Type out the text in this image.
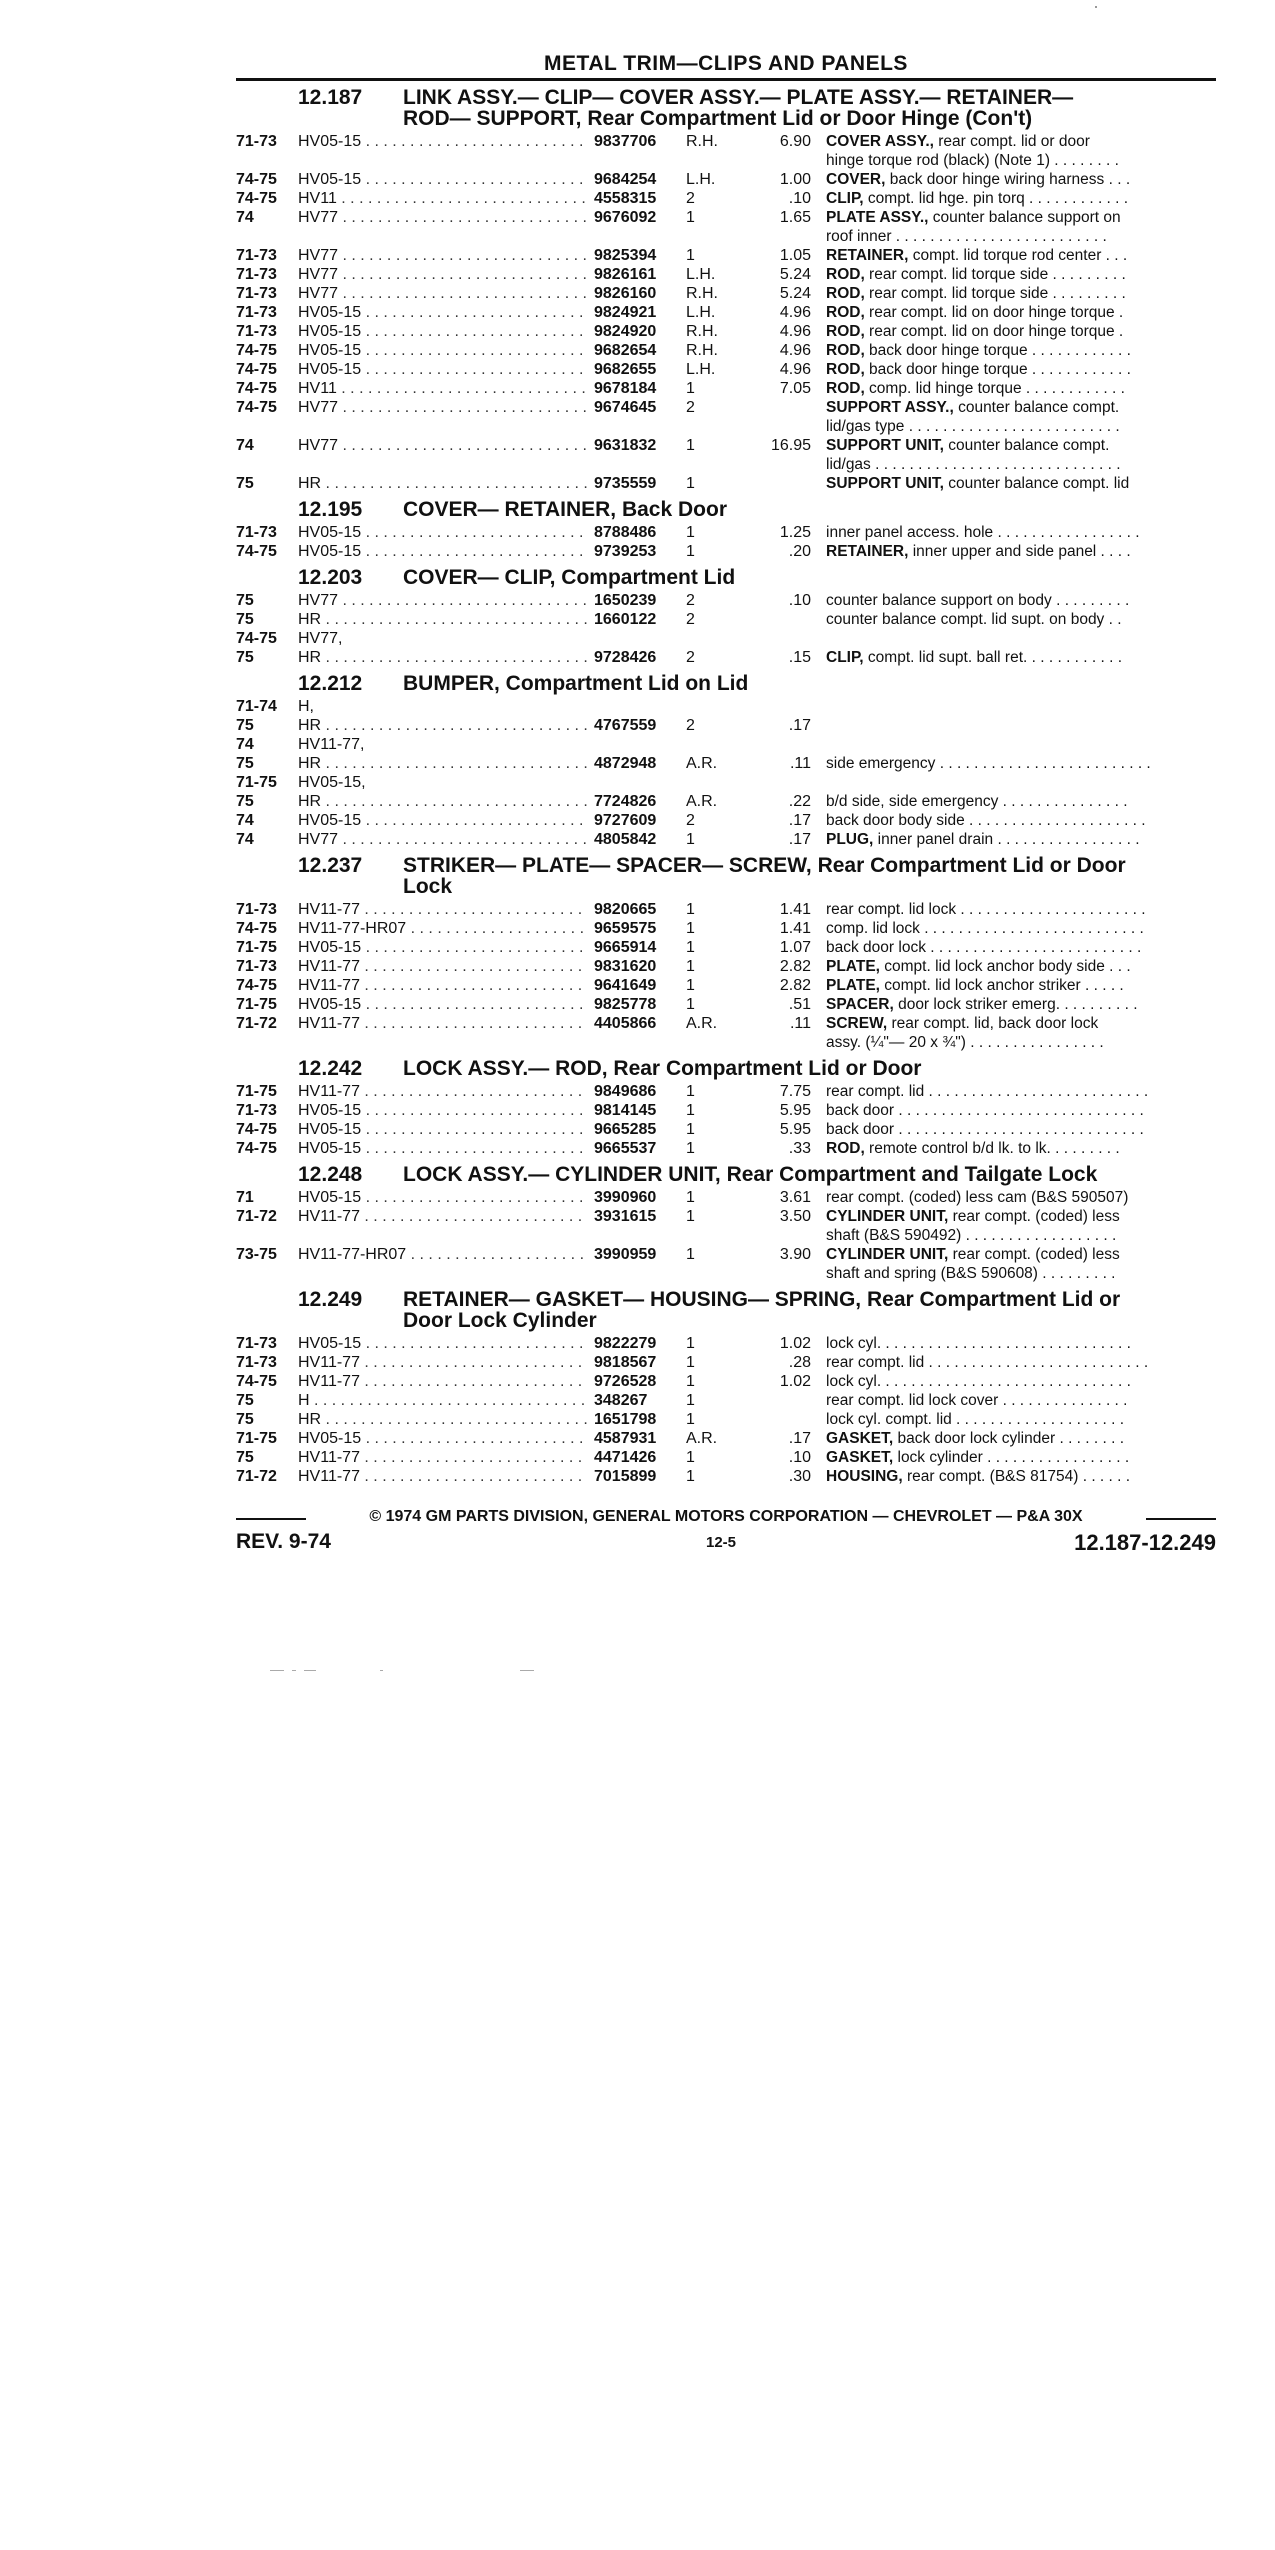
METAL TRIM—CLIPS AND PANELS
12.187 LINK ASSY.— CLIP— COVER ASSY.— PLATE ASSY.— RETAINER—
ROD— SUPPORT, Rear Compartment Lid or Door Hinge (Con't)
71-73	HV05-15 . . .	9837706	R.H.	6.90 COVER ASSY., rear compt. lid or door
hinge torque rod (black) (Note 1) . . . . . . . .
74-75	HV05-15 . . .	9684254	L.H.	1.00 COVER, back door hinge wiring harness . . .
74-75	HV11 . . .	4558315	2	.10 CLIP, compt. lid hge. pin torq . . . . . . . . . . . .
74	HV77 . . .	9676092	1	1.65 PLATE ASSY., counter balance support on
roof inner . . . . . . . . . . . . . . . . . . . . . . . . .
71-73	HV77 . . .	9825394	1	1.05 RETAINER, compt. lid torque rod center . . .
71-73	HV77 . . .	9826161	L.H.	5.24 ROD, rear compt. lid torque side . . . . . . . . .
71-73	HV77 . . .	9826160	R.H.	5.24 ROD, rear compt. lid torque side . . . . . . . . .
71-73	HV05-15 . . .	9824921	L.H.	4.96 ROD, rear compt. lid on door hinge torque .
71-73	HV05-15 . . .	9824920	R.H.	4.96 ROD, rear compt. lid on door hinge torque .
74-75	HV05-15 . . .	9682654	R.H.	4.96 ROD, back door hinge torque . . . . . . . . . . . .
74-75	HV05-15 . . .	9682655	L.H.	4.96 ROD, back door hinge torque . . . . . . . . . . . .
74-75	HV11 . . .	9678184	1	7.05 ROD, comp. lid hinge torque . . . . . . . . . . . .
74-75	HV77 . . .	9674645	2	SUPPORT ASSY., counter balance compt.
lid/gas type . . . . . . . . . . . . . . . . . . . . . . . . .
74	HV77 . . .	9631832	1	16.95 SUPPORT UNIT, counter balance compt.
lid/gas . . . . . . . . . . . . . . . . . . . . . . . . . . . . .
75	HR . . .	9735559	1	SUPPORT UNIT, counter balance compt. lid
12.195 COVER— RETAINER, Back Door
71-73	HV05-15 . . .	8788486	1	1.25 inner panel access. hole . . . . . . . . . . . . . . . . .
74-75	HV05-15 . . .	9739253	1	.20 RETAINER, inner upper and side panel . . . .
12.203 COVER— CLIP, Compartment Lid
75	HV77 . . .	1650239	2	.10 counter balance support on body . . . . . . . . .
75	HR . . .	1660122	2	counter balance compt. lid supt. on body . .
74-75	HV77,
75	HR . . .	9728426	2	.15 CLIP, compt. lid supt. ball ret. . . . . . . . . . . .
12.212 BUMPER, Compartment Lid on Lid
71-74	H,
75	HR . . .	4767559	2	.17
74	HV11-77,
75	HR . . .	4872948	A.R.	.11 side emergency . . . . . . . . . . . . . . . . . . . . . . . . .
71-75	HV05-15,
75	HR . . .	7724826	A.R.	.22 b/d side, side emergency . . . . . . . . . . . . . . .
74	HV05-15 . . .	9727609	2	.17 back door body side . . . . . . . . . . . . . . . . . . . . .
74	HV77 . . .	4805842	1	.17 PLUG, inner panel drain . . . . . . . . . . . . . . . . .
12.237 STRIKER— PLATE— SPACER— SCREW, Rear Compartment Lid or Door
Lock
71-73	HV11-77 . . .	9820665	1	1.41 rear compt. lid lock . . . . . . . . . . . . . . . . . . . . . .
74-75	HV11-77-HR07 . . .	9659575	1	1.41 comp. lid lock . . . . . . . . . . . . . . . . . . . . . . . . . .
71-75	HV05-15 . . .	9665914	1	1.07 back door lock . . . . . . . . . . . . . . . . . . . . . . . . .
71-73	HV11-77 . . .	9831620	1	2.82 PLATE, compt. lid lock anchor body side . . .
74-75	HV11-77 . . .	9641649	1	2.82 PLATE, compt. lid lock anchor striker . . . . .
71-75	HV05-15 . . .	9825778	1	.51 SPACER, door lock striker emerg. . . . . . . . . .
71-72	HV11-77 . . .	4405866	A.R.	.11 SCREW, rear compt. lid, back door lock
assy. (¼"— 20 x ¾") . . . . . . . . . . . . . . . .
12.242 LOCK ASSY.— ROD, Rear Compartment Lid or Door
71-75	HV11-77 . . .	9849686	1	7.75 rear compt. lid . . . . . . . . . . . . . . . . . . . . . . . . . .
71-73	HV05-15 . . .	9814145	1	5.95 back door . . . . . . . . . . . . . . . . . . . . . . . . . . . . .
74-75	HV05-15 . . .	9665285	1	5.95 back door . . . . . . . . . . . . . . . . . . . . . . . . . . . . .
74-75	HV05-15 . . .	9665537	1	.33 ROD, remote control b/d lk. to lk. . . . . . . . .
12.248 LOCK ASSY.— CYLINDER UNIT, Rear Compartment and Tailgate Lock
71	HV05-15 . . .	3990960	1	3.61 rear compt. (coded) less cam (B&S 590507)
71-72	HV11-77 . . .	3931615	1	3.50 CYLINDER UNIT, rear compt. (coded) less
shaft (B&S 590492) . . . . . . . . . . . . . . . . . .
73-75	HV11-77-HR07 . . .	3990959	1	3.90 CYLINDER UNIT, rear compt. (coded) less
shaft and spring (B&S 590608) . . . . . . . . .
12.249 RETAINER— GASKET— HOUSING— SPRING, Rear Compartment Lid or
Door Lock Cylinder
71-73	HV05-15 . . .	9822279	1	1.02 lock cyl. . . . . . . . . . . . . . . . . . . . . . . . . . . . . .
71-73	HV11-77 . . .	9818567	1	.28 rear compt. lid . . . . . . . . . . . . . . . . . . . . . . . . . .
74-75	HV11-77 . . .	9726528	1	1.02 lock cyl. . . . . . . . . . . . . . . . . . . . . . . . . . . . . .
75	H . . .	348267	1	rear compt. lid lock cover . . . . . . . . . . . . . . .
75	HR . . .	1651798	1	lock cyl. compt. lid . . . . . . . . . . . . . . . . . . . .
71-75	HV05-15 . . .	4587931	A.R.	.17 GASKET, back door lock cylinder . . . . . . . .
75	HV11-77 . . .	4471426	1	.10 GASKET, lock cylinder . . . . . . . . . . . . . . . . .
71-72	HV11-77 . . .	7015899	1	.30 HOUSING, rear compt. (B&S 81754) . . . . . .
© 1974 GM PARTS DIVISION, GENERAL MOTORS CORPORATION — CHEVROLET — P&A 30X
REV. 9-74	12-5	12.187-12.249
